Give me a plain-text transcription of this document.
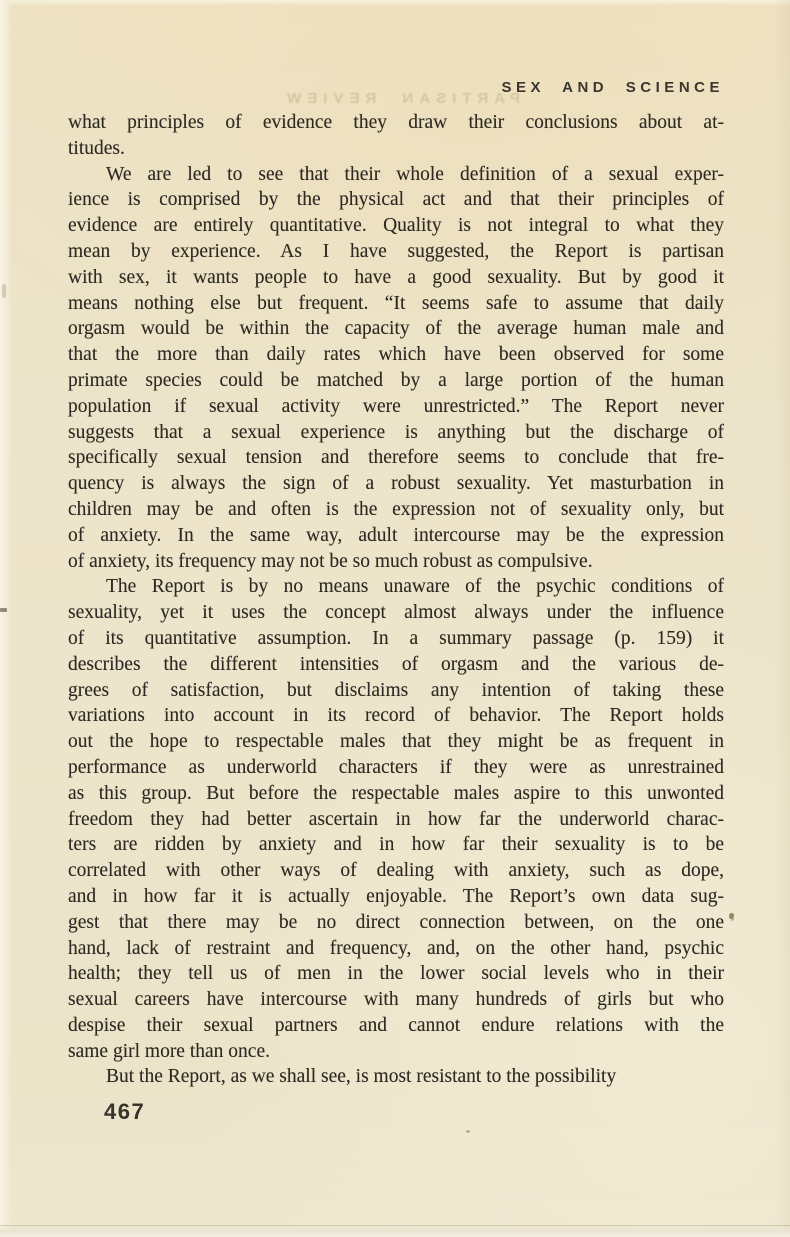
PARTISAN REVIEW
SEX AND SCIENCE
what principles of evidence they draw their conclusions about at-
titudes.
We are led to see that their whole definition of a sexual exper-
ience is comprised by the physical act and that their principles of
evidence are entirely quantitative. Quality is not integral to what they
mean by experience. As I have suggested, the Report is partisan
with sex, it wants people to have a good sexuality. But by good it
means nothing else but frequent. “It seems safe to assume that daily
orgasm would be within the capacity of the average human male and
that the more than daily rates which have been observed for some
primate species could be matched by a large portion of the human
population if sexual activity were unrestricted.” The Report never
suggests that a sexual experience is anything but the discharge of
specifically sexual tension and therefore seems to conclude that fre-
quency is always the sign of a robust sexuality. Yet masturbation in
children may be and often is the expression not of sexuality only, but
of anxiety. In the same way, adult intercourse may be the expression
of anxiety, its frequency may not be so much robust as compulsive.
The Report is by no means unaware of the psychic conditions of
sexuality, yet it uses the concept almost always under the influence
of its quantitative assumption. In a summary passage (p. 159) it
describes the different intensities of orgasm and the various de-
grees of satisfaction, but disclaims any intention of taking these
variations into account in its record of behavior. The Report holds
out the hope to respectable males that they might be as frequent in
performance as underworld characters if they were as unrestrained
as this group. But before the respectable males aspire to this unwonted
freedom they had better ascertain in how far the underworld charac-
ters are ridden by anxiety and in how far their sexuality is to be
correlated with other ways of dealing with anxiety, such as dope,
and in how far it is actually enjoyable. The Report’s own data sug-
gest that there may be no direct connection between, on the one
hand, lack of restraint and frequency, and, on the other hand, psychic
health; they tell us of men in the lower social levels who in their
sexual careers have intercourse with many hundreds of girls but who
despise their sexual partners and cannot endure relations with the
same girl more than once.
But the Report, as we shall see, is most resistant to the possibility
467
